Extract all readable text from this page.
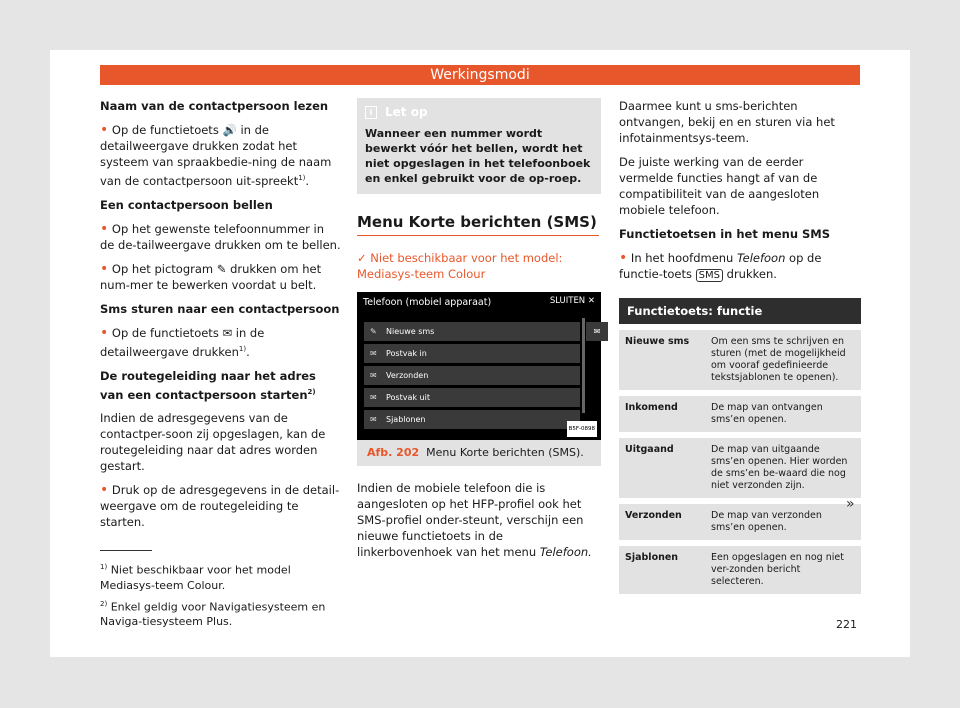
Werkingsmodi

Naam van de contactpersoon lezen

• Op de functietoets 🔊 in de detailweergave drukken zodat het systeem van spraakbedie-ning de naam van de contactpersoon uit-spreekt$^{1)}$.

Een contactpersoon bellen

• Op het gewenste telefoonnummer in de de-tailweergave drukken om te bellen.

• Op het pictogram ✎ drukken om het num-mer te bewerken voordat u belt.

Sms sturen naar een contactpersoon

• Op de functietoets ✉ in de detailweergave drukken$^{1)}$.

De routegeleiding naar het adres van een contactpersoon starten$^{2)}$

Indien de adresgegevens van de contactper-soon zij opgeslagen, kan de routegeleiding naar dat adres worden gestart.

• Druk op de adresgegevens in de detail-weergave om de routegeleiding te starten.

i Let op
Wanneer een nummer wordt bewerkt vóór het bellen, wordt het niet opgeslagen in het telefoonboek en enkel gebruikt voor de op-roep.
Menu Korte berichten (SMS)

✓ Niet beschikbaar voor het model: Mediasys-teem Colour

Telefoon (mobiel apparaat)	SLUITEN ✕
✎ Nieuwe sms	✉
✉ Postvak in
✉ Verzonden
✉ Postvak uit
✉ Sjablonen
B5F-0898
Afb. 202 Menu Korte berichten (SMS).

Indien de mobiele telefoon die is aangesloten op het HFP-profiel ook het SMS-profiel onder-steunt, verschijn een nieuwe functietoets in de linkerbovenhoek van het menu Telefoon.

Daarmee kunt u sms-berichten ontvangen, bekij en en sturen via het infotainmentsys-teem.

De juiste werking van de eerder vermelde functies hangt af van de compatibiliteit van de aangesloten mobiele telefoon.

Functietoetsen in het menu SMS

• In het hoofdmenu Telefoon op de functie-toets SMS drukken.

Functietoets: functie	
Nieuwe sms	Om een sms te schrijven en sturen (met de mogelijkheid om vooraf gedefinieerde tekstsjablonen te openen).
Inkomend	De map van ontvangen sms’en openen.
Uitgaand	De map van uitgaande sms’en openen. Hier worden de sms’en be-waard die nog niet verzonden zijn.
Verzonden	De map van verzonden sms’en openen.
Sjablonen	Een opgeslagen en nog niet ver-zonden bericht selecteren.
»

$^{1)}$ Niet beschikbaar voor het model Mediasys-teem Colour.

$^{2)}$ Enkel geldig voor Navigatiesysteem en Naviga-tiesysteem Plus.	221
